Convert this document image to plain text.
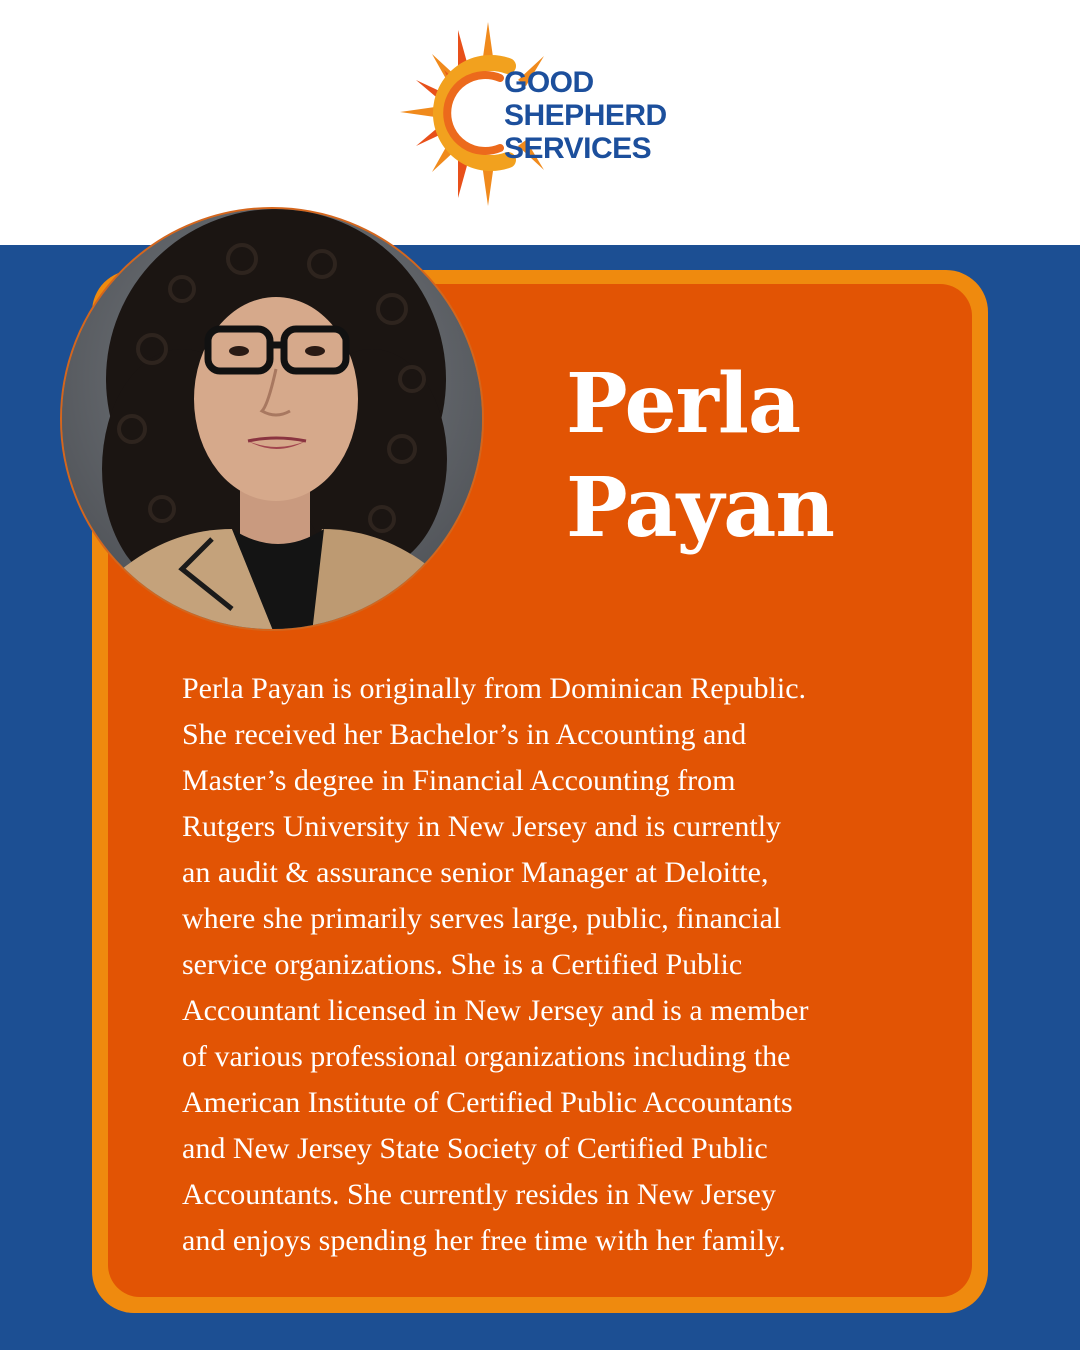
GOOD
SHEPHERD
SERVICES
Perla
Payan
Perla Payan is originally from Dominican Republic.
She received her Bachelor’s in Accounting and
Master’s degree in Financial Accounting from
Rutgers University in New Jersey and is currently
an audit & assurance senior Manager at Deloitte,
where she primarily serves large, public, financial
service organizations. She is a Certified Public
Accountant licensed in New Jersey and is a member
of various professional organizations including the
American Institute of Certified Public Accountants
and New Jersey State Society of Certified Public
Accountants. She currently resides in New Jersey
and enjoys spending her free time with her family.
